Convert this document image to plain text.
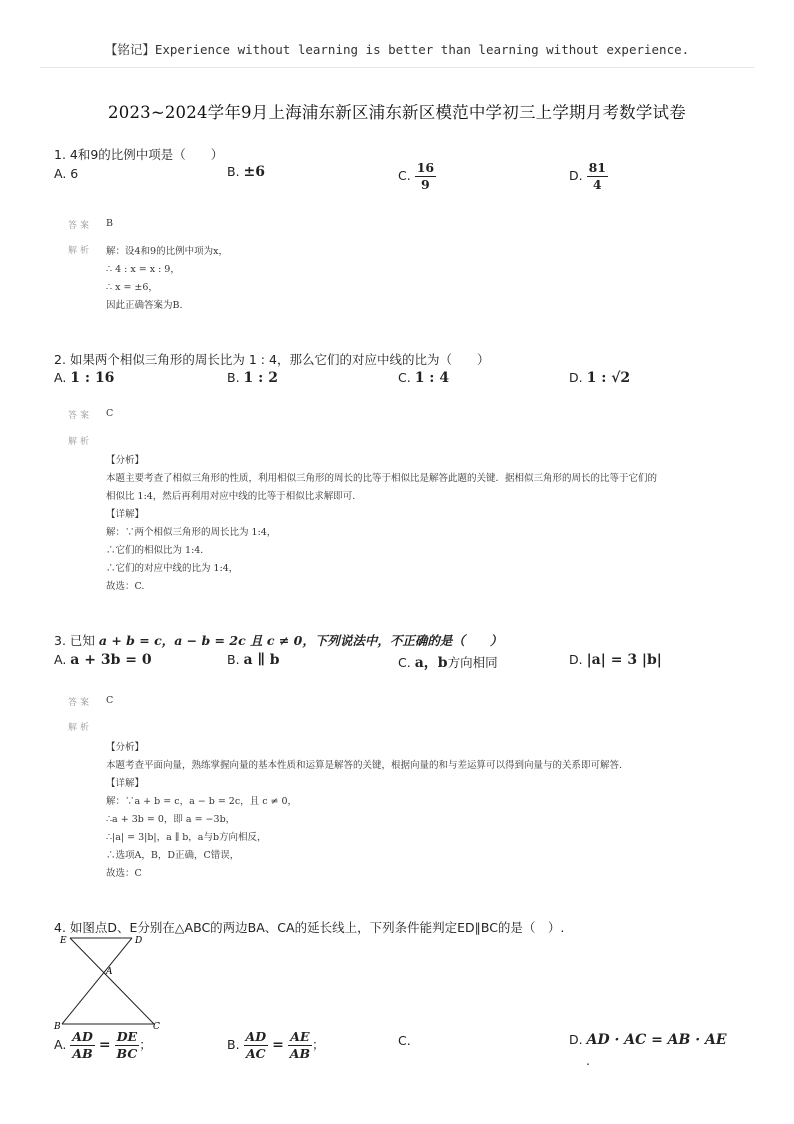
【铭记】Experience without learning is better than learning without experience.
2023~2024学年9月上海浦东新区浦东新区模范中学初三上学期月考数学试卷
1. 4和9的比例中项是（　　）
A. 6	B. ±6	C. $\frac{16}{9}$	D. $\frac{81}{4}$
答案 B
解析 解：设4和9的比例中项为x，
∴ 4 : x = x : 9，
∴ x = ±6，
因此正确答案为B.
2. 如果两个相似三角形的周长比为 1 : 4，那么它们的对应中线的比为（　　）
A. 1 : 16	B. 1 : 2	C. 1 : 4	D. 1 : √2
答案 C
解析
【分析】
本题主要考查了相似三角形的性质，利用相似三角形的周长的比等于相似比是解答此题的关键．据相似三角形的周长的比等于它们的
相似比 1:4，然后再利用对应中线的比等于相似比求解即可.
【详解】
解：∵两个相似三角形的周长比为 1:4，
∴它们的相似比为 1:4．
∴它们的对应中线的比为 1:4，
故选：C.
3. 已知 a + b = c，a − b = 2c 且 c ≠ 0，下列说法中，不正确的是（　　）
A. a + 3b = 0	B. a ∥ b	C. a，b方向相同	D. |a| = 3 |b|
答案 C
解析
【分析】
本题考查平面向量，熟练掌握向量的基本性质和运算是解答的关键，根据向量的和与差运算可以得到向量与的关系即可解答.
【详解】
解：∵a + b = c，a − b = 2c，且 c ≠ 0，
∴a + 3b = 0，即 a = −3b，
∴|a| = 3|b|，a ∥ b，a与b方向相反，
∴选项A，B，D正确，C错误，
故选：C
4. 如图点D、E分别在△ABC的两边BA、CA的延长线上，下列条件能判定ED∥BC的是（　）.
E	D
A
B	C
A. $\frac{AD}{AB} = \frac{DE}{BC}$ ；	B. $\frac{AD}{AC} = \frac{AE}{AB}$ ；	C.	D. AD · AC = AB · AE
.
